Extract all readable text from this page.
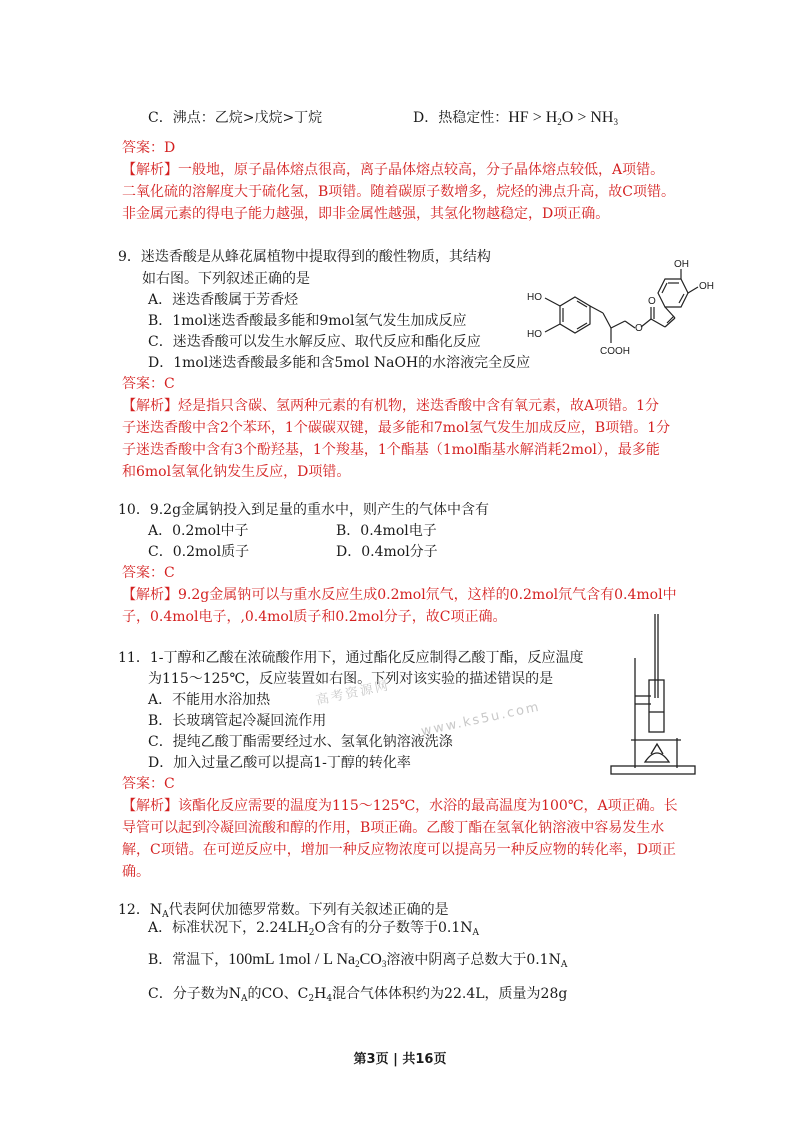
C．沸点：乙烷>戊烷>丁烷	D．热稳定性：HF > $H_2O > NH_3$
答案：D
【解析】一般地，原子晶体熔点很高，离子晶体熔点较高，分子晶体熔点较低，A项错。
二氧化硫的溶解度大于硫化氢，B项错。随着碳原子数增多，烷烃的沸点升高，故C项错。
非金属元素的得电子能力越强，即非金属性越强，其氢化物越稳定，D项正确。
9．迷迭香酸是从蜂花属植物中提取得到的酸性物质，其结构
如右图。下列叙述正确的是
A．迷迭香酸属于芳香烃
B．1mol迷迭香酸最多能和9mol氢气发生加成反应
C．迷迭香酸可以发生水解反应、取代反应和酯化反应
D．1mol迷迭香酸最多能和含5mol NaOH的水溶液完全反应
OH
OH
HO
HO
O
O
COOH
答案：C
【解析】烃是指只含碳、氢两种元素的有机物，迷迭香酸中含有氧元素，故A项错。1分
子迷迭香酸中含2个苯环，1个碳碳双键，最多能和7mol氢气发生加成反应，B项错。1分
子迷迭香酸中含有3个酚羟基，1个羧基，1个酯基（1mol酯基水解消耗2mol），最多能
和6mol氢氧化钠发生反应，D项错。
10．9.2g金属钠投入到足量的重水中，则产生的气体中含有
A．0.2mol中子	B．0.4mol电子
C．0.2mol质子	D．0.4mol分子
答案：C
【解析】9.2g金属钠可以与重水反应生成0.2mol氘气，这样的0.2mol氘气含有0.4mol中
子，0.4mol电子，,0.4mol质子和0.2mol分子，故C项正确。
11．1-丁醇和乙酸在浓硫酸作用下，通过酯化反应制得乙酸丁酯，反应温度
为115～125℃，反应装置如右图。下列对该实验的描述错误的是
A．不能用水浴加热
B．长玻璃管起冷凝回流作用
C．提纯乙酸丁酯需要经过水、氢氧化钠溶液洗涤
D．加入过量乙酸可以提高1-丁醇的转化率
高考资源网
www.ks5u.com
答案：C
【解析】该酯化反应需要的温度为115～125℃，水浴的最高温度为100℃，A项正确。长
导管可以起到冷凝回流酸和醇的作用，B项正确。乙酸丁酯在氢氧化钠溶液中容易发生水
解，C项错。在可逆反应中，增加一种反应物浓度可以提高另一种反应物的转化率，D项正
确。
12．$N_A$代表阿伏加德罗常数。下列有关叙述正确的是
A．标准状况下，$2.24LH_2O$含有的分子数等于$0.1N_A$
B．常温下，100mL 1mol / L $Na_2CO_3$溶液中阴离子总数大于$0.1N_A$
C．分子数为$N_A$的CO、$C_2H_4$混合气体体积约为22.4L，质量为28g
第3页 | 共16页
